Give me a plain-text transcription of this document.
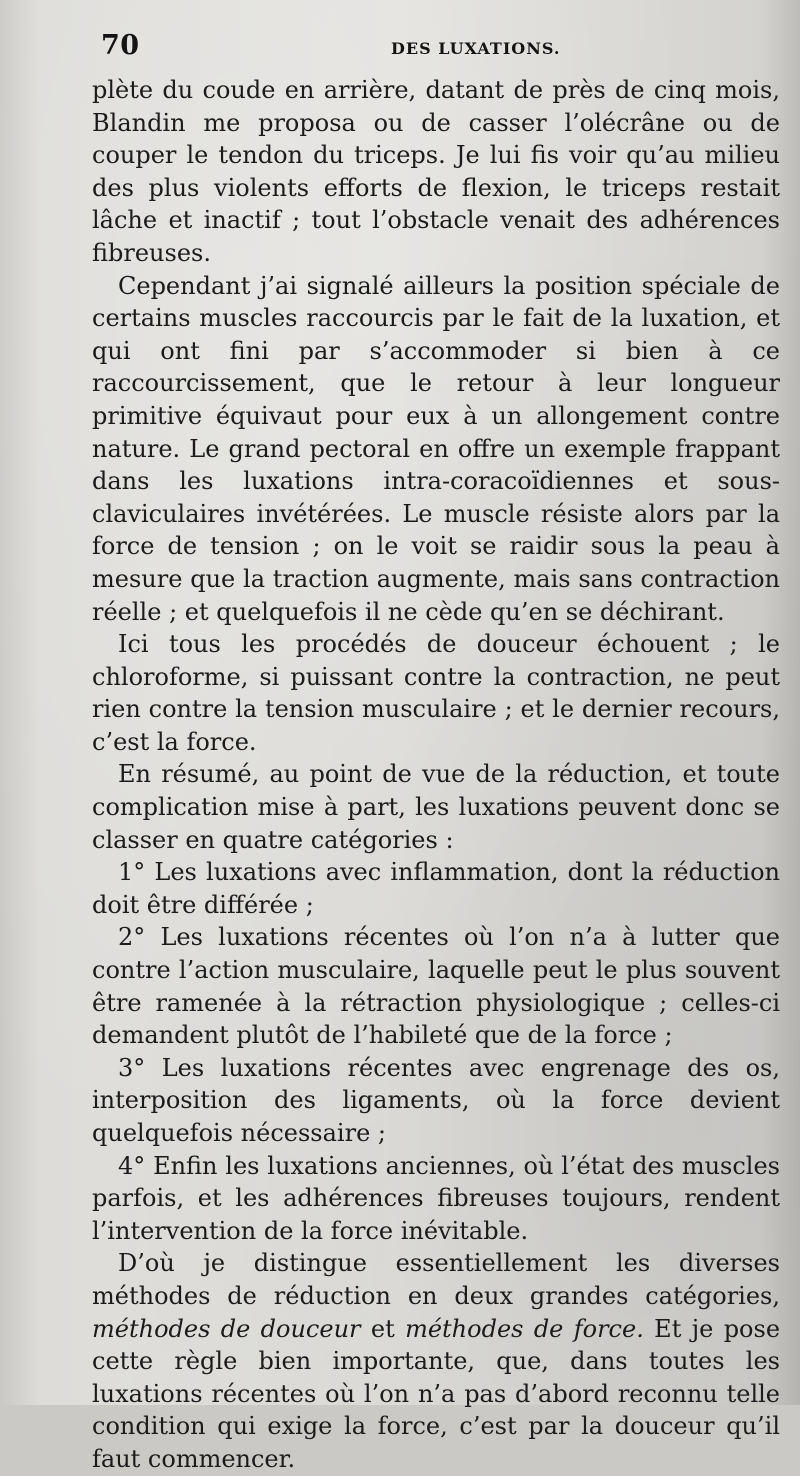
70	DES LUXATIONS.

plète du coude en arrière, datant de près de cinq mois, Blandin me proposa ou de casser l’olécrâne ou de couper le tendon du triceps. Je lui fis voir qu’au milieu des plus violents efforts de flexion, le triceps restait lâche et inactif ; tout l’obstacle venait des adhérences fibreuses.

Cependant j’ai signalé ailleurs la position spéciale de certains muscles raccourcis par le fait de la luxation, et qui ont fini par s’accommoder si bien à ce raccourcissement, que le retour à leur longueur primitive équivaut pour eux à un allongement contre nature. Le grand pectoral en offre un exemple frappant dans les luxations intra-coracoïdiennes et sous-claviculaires invétérées. Le muscle résiste alors par la force de tension ; on le voit se raidir sous la peau à mesure que la traction augmente, mais sans contraction réelle ; et quelquefois il ne cède qu’en se déchirant.

Ici tous les procédés de douceur échouent ; le chloroforme, si puissant contre la contraction, ne peut rien contre la tension musculaire ; et le dernier recours, c’est la force.

En résumé, au point de vue de la réduction, et toute complication mise à part, les luxations peuvent donc se classer en quatre catégories :

1° Les luxations avec inflammation, dont la réduction doit être différée ;

2° Les luxations récentes où l’on n’a à lutter que contre l’action musculaire, laquelle peut le plus souvent être ramenée à la rétraction physiologique ; celles-ci demandent plutôt de l’habileté que de la force ;

3° Les luxations récentes avec engrenage des os, interposition des ligaments, où la force devient quelquefois nécessaire ;

4° Enfin les luxations anciennes, où l’état des muscles parfois, et les adhérences fibreuses toujours, rendent l’intervention de la force inévitable.

D’où je distingue essentiellement les diverses méthodes de réduction en deux grandes catégories, méthodes de douceur et méthodes de force. Et je pose cette règle bien importante, que, dans toutes les luxations récentes où l’on n’a pas d’abord reconnu telle condition qui exige la force, c’est par la douceur qu’il faut commencer.
